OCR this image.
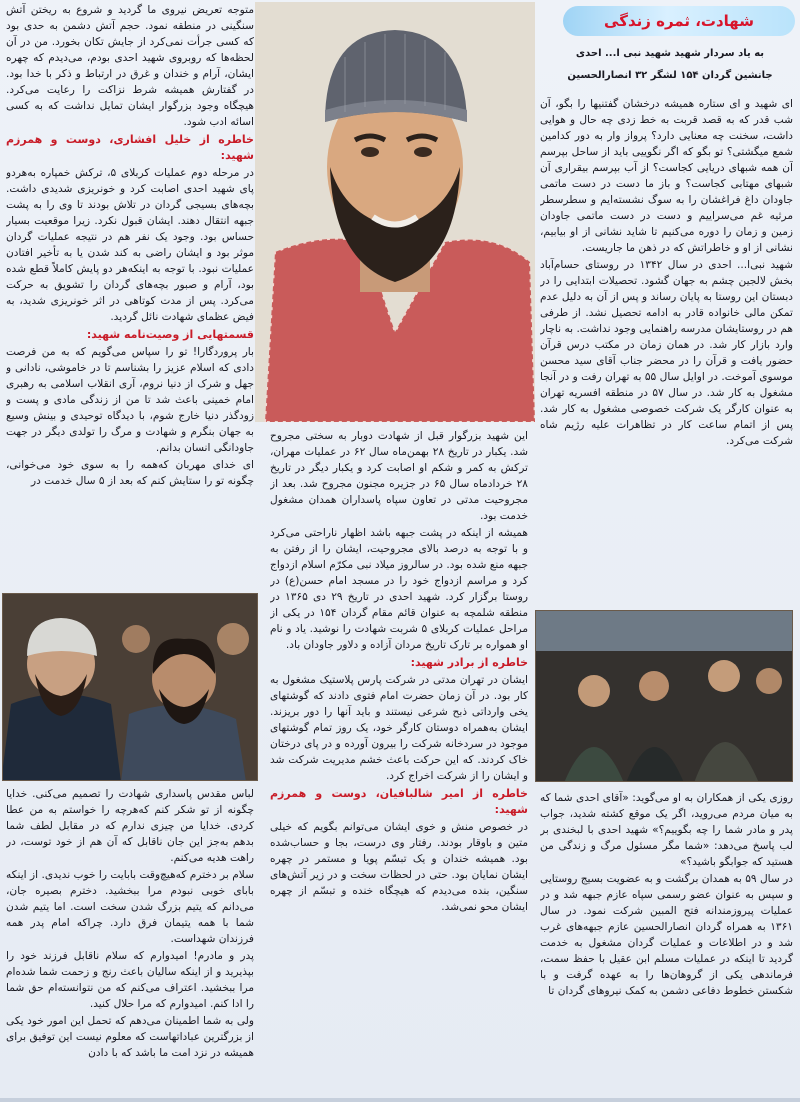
شهادت، ثمره زندگی
به یاد سردار شهید شهید نبی ا... احدی
جانشین گردان ۱۵۴ لشگر ۳۲ انصارالحسین

ای شهید و ای ستاره همیشه درخشان گفتنیها را بگو، آن شب قدر که به قصد قربت به خط زدی چه حال و هوایی داشت، سخنت چه معنایی دارد؟ پرواز وار به دور کدامین شمع میگشتی؟ تو بگو که اگر نگوییی باید از ساحل بپرسم آن همه شبهای دریایی کجاست؟ از آب بپرسم بیقراری آن شبهای مهتابی کجاست؟ و باز ما دست در دست ماتمی جاودان داغ فراغشان را به سوگ نشسته‌ایم و سطرسطر مرثیه غم می‌سراییم و دست در دست ماتمی جاودان زمین و زمان را دوره می‌کنیم تا شاید نشانی از او بیابیم، نشانی از او و خاطراتش که در ذهن ما جاریست.

شهید نبی‌ا... احدی در سال ۱۳۴۲ در روستای حسام‌آباد بخش لالجین چشم به جهان گشود. تحصیلات ابتدایی را در دبستان این روستا به پایان رساند و پس از آن به دلیل عدم تمکن مالی خانواده قادر به ادامه تحصیل نشد. از طرفی هم در روستایشان مدرسه راهنمایی وجود نداشت. به ناچار وارد بازار کار شد. در همان زمان در مکتب درس قرآن حضور یافت و قرآن را در محضر جناب آقای سید محسن موسوی آموخت. در اوایل سال ۵۵ به تهران رفت و در آنجا مشغول به کار شد. در سال ۵۷ در منطقه افسریه تهران به عنوان کارگر یک شرکت خصوصی مشغول به کار شد. پس از اتمام ساعت کار در تظاهرات علیه رژیم شاه شرکت می‌کرد.

روزی یکی از همکاران به او می‌گوید: «آقای احدی شما که به میان مردم می‌روید، اگر یک موقع کشته شدید، جواب پدر و مادر شما را چه بگوییم؟» شهید احدی با لبخندی بر لب پاسخ می‌دهد: «شما مگر مسئول مرگ و زندگی من هستید که جوابگو باشید؟»

در سال ۵۹ به همدان برگشت و به عضویت بسیج روستایی و سپس به عنوان عضو رسمی سپاه عازم جبهه شد و در عملیات پیروزمندانه فتح المبین شرکت نمود. در سال ۱۳۶۱ به همراه گردان انصارالحسین عازم جبهه‌های غرب شد و در اطلاعات و عملیات گردان مشغول به خدمت گردید تا اینکه در عملیات مسلم ابن عقیل با حفظ سمت، فرماندهی یکی از گروهان‌ها را به عهده گرفت و با شکستن خطوط دفاعی دشمن به کمک نیروهای گردان تا

این شهید بزرگوار قبل از شهادت دوبار به سختی مجروح شد. یکبار در تاریخ ۲۸ بهمن‌ماه سال ۶۲ در عملیات مهران، ترکش به کمر و شکم او اصابت کرد و یکبار دیگر در تاریخ ۲۸ خردادماه سال ۶۵ در جزیره مجنون مجروح شد. بعد از مجروحیت مدتی در تعاون سپاه پاسداران همدان مشغول خدمت بود.

همیشه از اینکه در پشت جبهه باشد اظهار ناراحتی می‌کرد و با توجه به درصد بالای مجروحیت، ایشان را از رفتن به جبهه منع شده بود. در سالروز میلاد نبی مکرّم اسلام ازدواج کرد و مراسم ازدواج خود را در مسجد امام حسن(ع) در روستا برگزار کرد. شهید احدی در تاریخ ۲۹ دی ۱۳۶۵ در منطقه شلمچه به عنوان قائم مقام گردان ۱۵۴ در یکی از مراحل عملیات کربلای ۵ شربت شهادت را نوشید. یاد و نام او همواره بر تارک تاریخ مردان آزاده و دلاور جاودان باد.

خاطره از برادر شهید:

ایشان در تهران مدتی در شرکت پارس پلاستیک مشغول به کار بود. در آن زمان حضرت امام فتوی دادند که گوشتهای یخی وارداتی ذبح شرعی نیستند و باید آنها را دور بریزند. ایشان به‌همراه دوستان کارگر خود، یک روز تمام گوشتهای موجود در سردخانه شرکت را بیرون آورده و در پای درختان خاک کردند. که این حرکت باعث خشم مدیریت شرکت شد و ایشان را از شرکت اخراج کرد.

خاطره از امیر شالبافیان، دوست و همرزم شهید:

در خصوص منش و خوی ایشان می‌توانم بگویم که خیلی متین و باوقار بودند. رفتار وی درست، بجا و حساب‌شده بود. همیشه خندان و یک تبسّم پویا و مستمر در چهره ایشان نمایان بود. حتی در لحظات سخت و در زیر آتش‌های سنگین، بنده می‌دیدم که هیچگاه خنده و تبسّم از چهره ایشان محو نمی‌شد.

متوجه تعریض نیروی ما گردید و شروع به ریختن آتش سنگینی در منطقه نمود. حجم آتش دشمن به حدی بود که کسی جرأت نمی‌کرد از جایش تکان بخورد. من در آن لحظه‌ها که روبروی شهید احدی بودم، می‌دیدم که چهره ایشان، آرام و خندان و غرق در ارتباط و ذکر با خدا بود. در گفتارش همیشه شرط نزاکت را رعایت می‌کرد. هیچگاه وجود بزرگوار ایشان تمایل نداشت که به کسی اسائه ادب شود.

خاطره از خلیل افشاری، دوست و همرزم شهید:

در مرحله دوم عملیات کربلای ۵، ترکش خمپاره به‌هردو پای شهید احدی اصابت کرد و خونریزی شدیدی داشت. بچه‌های بسیجی گردان در تلاش بودند تا وی را به پشت جبهه انتقال دهند. ایشان قبول نکرد. زیرا موقعیت بسیار حساس بود. وجود یک نفر هم در نتیجه عملیات گردان موثر بود و ایشان راضی به کند شدن یا به تأخیر افتادن عملیات نبود. با توجه به اینکه‌هر دو پایش کاملاً قطع شده بود، آرام و صبور بچه‌های گردان را تشویق به حرکت می‌کرد. پس از مدت کوتاهی در اثر خونریزی شدید، به فیض عظمای شهادت نائل گردید.

قسمتهایی از وصیت‌نامه شهید:

بار پروردگارا! تو را سپاس می‌گویم که به من فرصت دادی که اسلام عزیز را بشناسم تا در خاموشی، نادانی و جهل و شرک از دنیا نروم، آری انقلاب اسلامی به رهبری امام خمینی باعث شد تا من از زندگی مادی و پست و زودگذر دنیا خارج شوم، با دیدگاه توحیدی و بینش وسیع به جهان بنگرم و شهادت و مرگ را تولدی دیگر در جهت جاودانگی انسان بدانم.

ای خدای مهربان که‌همه را به سوی خود می‌خوانی، چگونه تو را ستایش کنم که بعد از ۵ سال خدمت در

لباس مقدس پاسداری شهادت را تصمیم می‌کنی. خدایا چگونه از تو شکر کنم که‌هرچه را خواستم به من عطا کردی. خدایا من چیزی ندارم که در مقابل لطف شما بدهم به‌جز این جان ناقابل که آن هم از خود توست، در راهت هدیه می‌کنم.

سلام بر دخترم که‌هیچ‌وقت بابایت را خوب ندیدی. از اینکه بابای خوبی نبودم مرا ببخشید. دخترم بصیره جان، می‌دانم که یتیم بزرگ شدن سخت است. اما یتیم شدن شما با همه یتیمان فرق دارد. چراکه امام پدر همه فرزندان شهداست.

پدر و مادرم! امیدوارم که سلام ناقابل فرزند خود را بپذیرید و از اینکه سالیان باعث رنج و زحمت شما شده‌ام مرا ببخشید. اعتراف می‌کنم که من نتوانسته‌ام حق شما را ادا کنم. امیدوارم که مرا حلال کنید.

ولی به شما اطمینان می‌دهم که تحمل این امور خود یکی از بزرگترین عباداتهاست که معلوم نیست این توفیق برای همیشه در نزد امت ما باشد که با دادن
